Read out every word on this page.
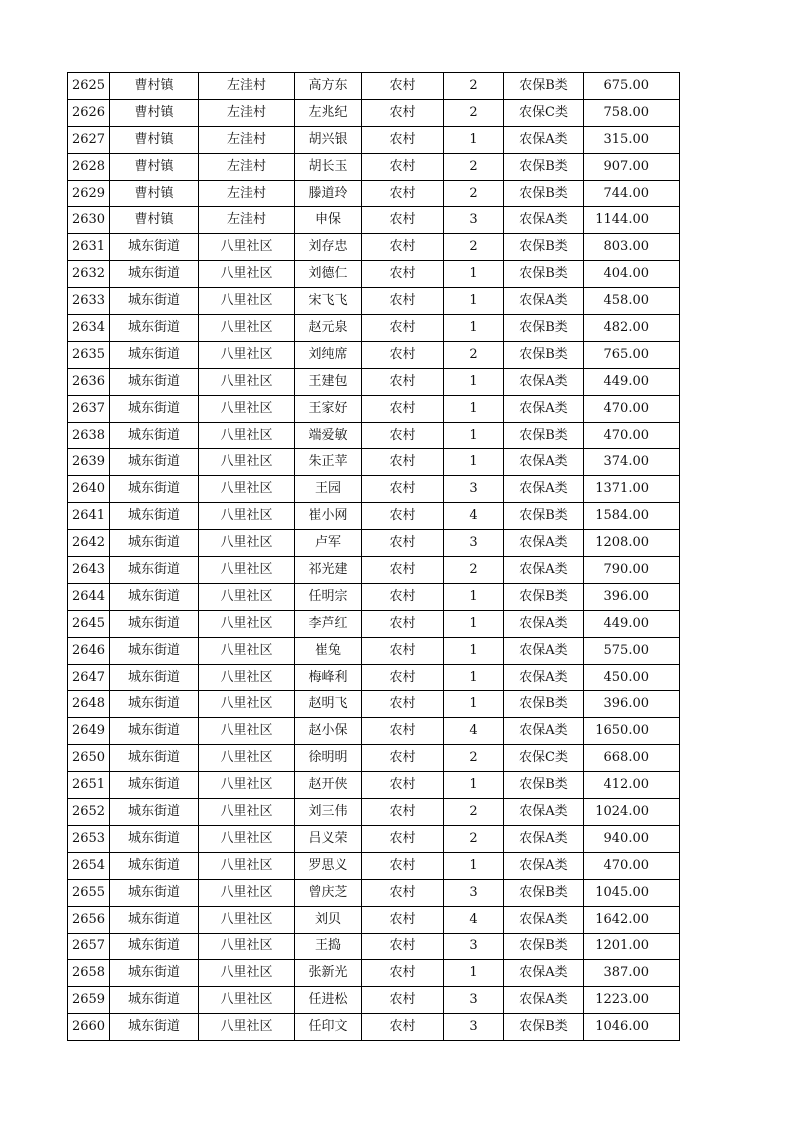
2625	曹村镇	左洼村	高方东	农村	2	农保B类	675.00
2626	曹村镇	左洼村	左兆纪	农村	2	农保C类	758.00
2627	曹村镇	左洼村	胡兴银	农村	1	农保A类	315.00
2628	曹村镇	左洼村	胡长玉	农村	2	农保B类	907.00
2629	曹村镇	左洼村	滕道玲	农村	2	农保B类	744.00
2630	曹村镇	左洼村	申保	农村	3	农保A类	1144.00
2631	城东街道	八里社区	刘存忠	农村	2	农保B类	803.00
2632	城东街道	八里社区	刘德仁	农村	1	农保B类	404.00
2633	城东街道	八里社区	宋飞飞	农村	1	农保A类	458.00
2634	城东街道	八里社区	赵元泉	农村	1	农保B类	482.00
2635	城东街道	八里社区	刘纯席	农村	2	农保B类	765.00
2636	城东街道	八里社区	王建包	农村	1	农保A类	449.00
2637	城东街道	八里社区	王家好	农村	1	农保A类	470.00
2638	城东街道	八里社区	端爱敏	农村	1	农保B类	470.00
2639	城东街道	八里社区	朱正苹	农村	1	农保A类	374.00
2640	城东街道	八里社区	王园	农村	3	农保A类	1371.00
2641	城东街道	八里社区	崔小网	农村	4	农保B类	1584.00
2642	城东街道	八里社区	卢军	农村	3	农保A类	1208.00
2643	城东街道	八里社区	祁光建	农村	2	农保A类	790.00
2644	城东街道	八里社区	任明宗	农村	1	农保B类	396.00
2645	城东街道	八里社区	李芦红	农村	1	农保A类	449.00
2646	城东街道	八里社区	崔兔	农村	1	农保A类	575.00
2647	城东街道	八里社区	梅峰利	农村	1	农保A类	450.00
2648	城东街道	八里社区	赵明飞	农村	1	农保B类	396.00
2649	城东街道	八里社区	赵小保	农村	4	农保A类	1650.00
2650	城东街道	八里社区	徐明明	农村	2	农保C类	668.00
2651	城东街道	八里社区	赵开侠	农村	1	农保B类	412.00
2652	城东街道	八里社区	刘三伟	农村	2	农保A类	1024.00
2653	城东街道	八里社区	吕义荣	农村	2	农保A类	940.00
2654	城东街道	八里社区	罗思义	农村	1	农保A类	470.00
2655	城东街道	八里社区	曾庆芝	农村	3	农保B类	1045.00
2656	城东街道	八里社区	刘贝	农村	4	农保A类	1642.00
2657	城东街道	八里社区	王捣	农村	3	农保B类	1201.00
2658	城东街道	八里社区	张新光	农村	1	农保A类	387.00
2659	城东街道	八里社区	任进松	农村	3	农保A类	1223.00
2660	城东街道	八里社区	任印文	农村	3	农保B类	1046.00
